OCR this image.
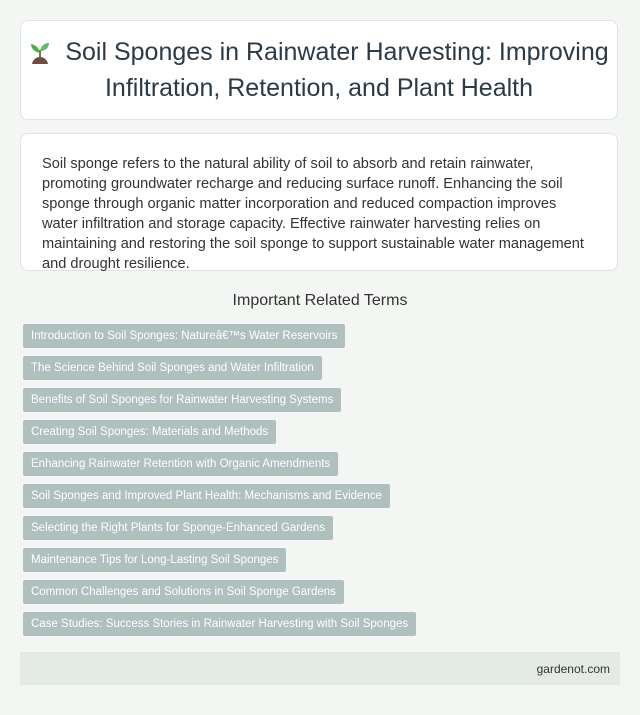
Soil Sponges in Rainwater Harvesting: Improving Infiltration, Retention, and Plant Health

Soil sponge refers to the natural ability of soil to absorb and retain rainwater, promoting groundwater recharge and reducing surface runoff. Enhancing the soil sponge through organic matter incorporation and reduced compaction improves water infiltration and storage capacity. Effective rainwater harvesting relies on maintaining and restoring the soil sponge to support sustainable water management and drought resilience.

Important Related Terms
Introduction to Soil Sponges: Natureâ€™s Water Reservoirs
The Science Behind Soil Sponges and Water Infiltration
Benefits of Soil Sponges for Rainwater Harvesting Systems
Creating Soil Sponges: Materials and Methods
Enhancing Rainwater Retention with Organic Amendments
Soil Sponges and Improved Plant Health: Mechanisms and Evidence
Selecting the Right Plants for Sponge-Enhanced Gardens
Maintenance Tips for Long-Lasting Soil Sponges
Common Challenges and Solutions in Soil Sponge Gardens
Case Studies: Success Stories in Rainwater Harvesting with Soil Sponges
gardenot.com
